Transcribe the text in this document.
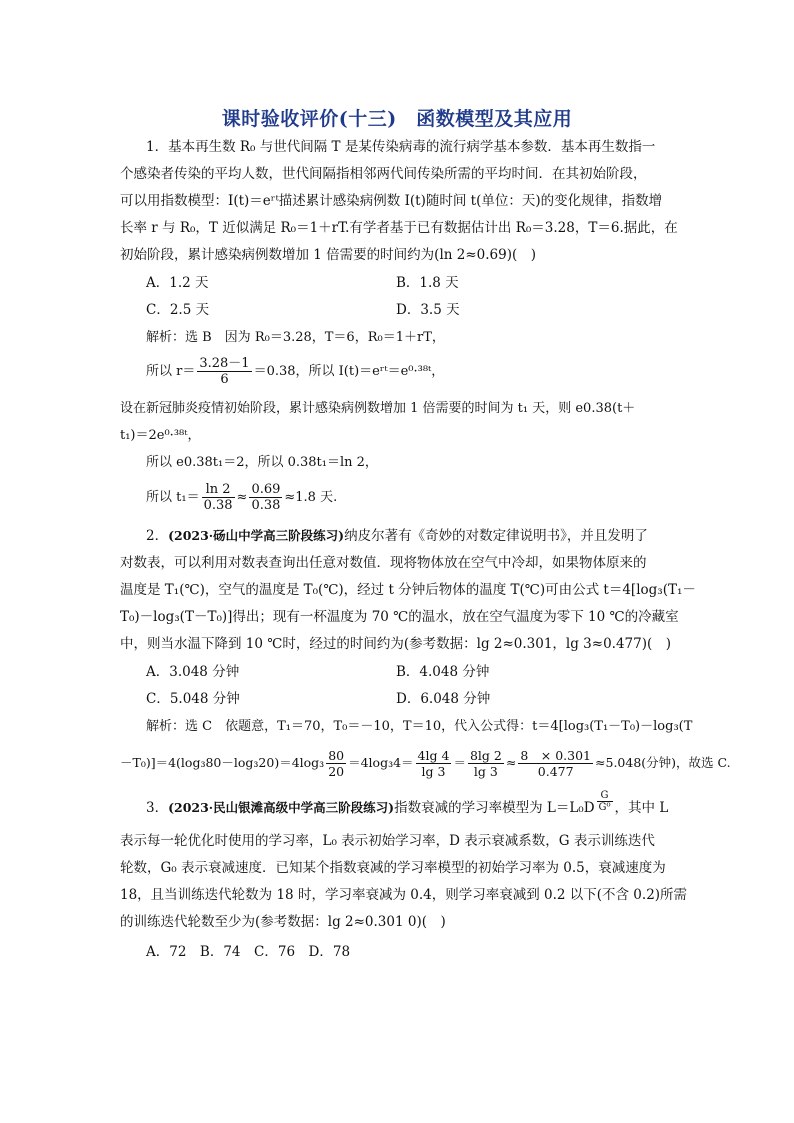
课时验收评价(十三)　函数模型及其应用
1．基本再生数 R₀ 与世代间隔 T 是某传染病毒的流行病学基本参数．基本再生数指一
个感染者传染的平均人数，世代间隔指相邻两代间传染所需的平均时间．在其初始阶段，
可以用指数模型：I(t)＝eʳᵗ描述累计感染病例数 I(t)随时间 t(单位：天)的变化规律，指数增
长率 r 与 R₀，T 近似满足 R₀＝1＋rT.有学者基于已有数据估计出 R₀＝3.28，T＝6.据此，在
初始阶段，累计感染病例数增加 1 倍需要的时间约为(ln 2≈0.69)(　)
A．1.2 天	B．1.8 天
C．2.5 天	D．3.5 天
解析：选 B　因为 R₀＝3.28，T＝6，R₀＝1＋rT，
所以 $r= \frac{3.28-1}{6} =0.38$，所以 I(t)＝eʳᵗ＝e⁰·³⁸ᵗ，
设在新冠肺炎疫情初始阶段，累计感染病例数增加 1 倍需要的时间为 t₁ 天，则 e0.38(t＋
t₁)＝2e⁰·³⁸ᵗ，
所以 e0.38t₁＝2，所以 0.38t₁＝ln 2，
所以 $t_1= \frac{\ln 2}{0.38} \approx \frac{0.69}{0.38} \approx 1.8$ 天.
2．(2023·砀山中学高三阶段练习)纳皮尔著有《奇妙的对数定律说明书》，并且发明了
对数表，可以利用对数表查询出任意对数值．现将物体放在空气中冷却，如果物体原来的
温度是 T₁(℃)，空气的温度是 T₀(℃)，经过 t 分钟后物体的温度 T(℃)可由公式 t＝4[log₃(T₁－
T₀)－log₃(T－T₀)]得出；现有一杯温度为 70 ℃的温水，放在空气温度为零下 10 ℃的冷藏室
中，则当水温下降到 10 ℃时，经过的时间约为(参考数据：lg 2≈0.301，lg 3≈0.477)(　)
A．3.048 分钟	B．4.048 分钟
C．5.048 分钟	D．6.048 分钟
解析：选 C　依题意，T₁＝70，T₀＝－10，T＝10，代入公式得：t＝4[log₃(T₁－T₀)－log₃(T
$-T_0)]=4(\log_380-\log_320)=4\log_3 \frac{80}{20} =4\log_34= \frac{4\lg 4}{\lg 3} = \frac{8\lg 2}{\lg 3} \approx \frac{8 \times 0.301}{0.477} \approx 5.048$(分钟)，故选 C.
3．(2023·民山银滩高级中学高三阶段练习)指数衰减的学习率模型为 $L=L_0D \frac{G}{\text{G⁰}}$ ，其中 L
表示每一轮优化时使用的学习率，L₀ 表示初始学习率，D 表示衰减系数，G 表示训练迭代
轮数，G₀ 表示衰减速度．已知某个指数衰减的学习率模型的初始学习率为 0.5，衰减速度为
18，且当训练迭代轮数为 18 时，学习率衰减为 0.4，则学习率衰减到 0.2 以下(不含 0.2)所需
的训练迭代轮数至少为(参考数据：lg 2≈0.301 0)(　)
A．72　B．74　C．76　D．78
